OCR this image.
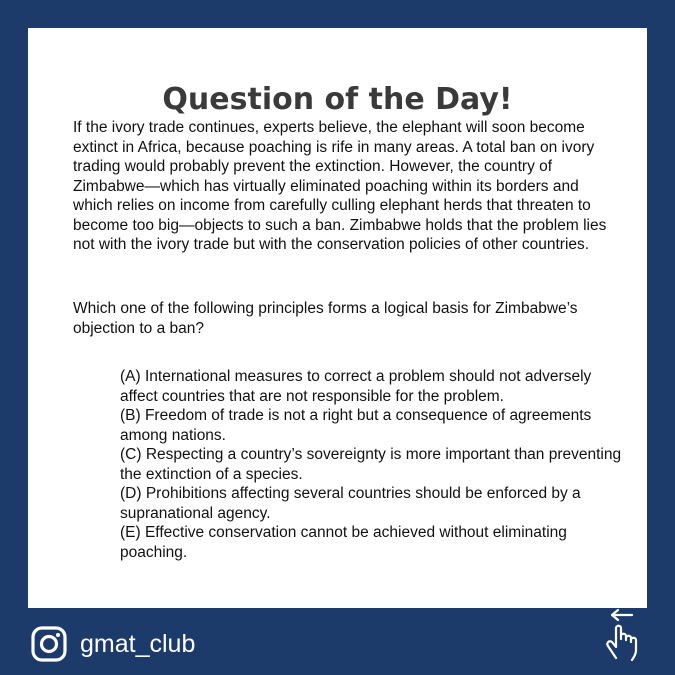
Question of the Day!

If the ivory trade continues, experts believe, the elephant will soon become extinct in Africa, because poaching is rife in many areas. A total ban on ivory trading would probably prevent the extinction. However, the country of Zimbabwe—which has virtually eliminated poaching within its borders and which relies on income from carefully culling elephant herds that threaten to become too big—objects to such a ban. Zimbabwe holds that the problem lies not with the ivory trade but with the conservation policies of other countries.

Which one of the following principles forms a logical basis for Zimbabwe’s objection to a ban?

(A) International measures to correct a problem should not adversely affect countries that are not responsible for the problem.
(B) Freedom of trade is not a right but a consequence of agreements among nations.
(C) Respecting a country’s sovereignty is more important than preventing the extinction of a species.
(D) Prohibitions affecting several countries should be enforced by a supranational agency.
(E) Effective conservation cannot be achieved without eliminating poaching.
gmat_club
